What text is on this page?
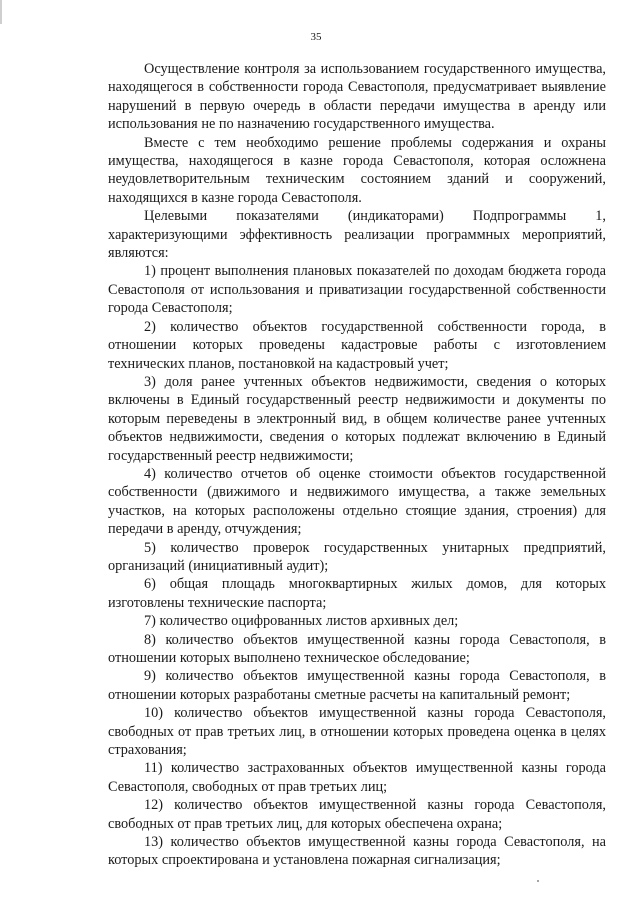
35

Осуществление контроля за использованием государственного имущества, находящегося в собственности города Севастополя, предусматривает выявление нарушений в первую очередь в области передачи имущества в аренду или использования не по назначению государственного имущества.

Вместе с тем необходимо решение проблемы содержания и охраны имущества, находящегося в казне города Севастополя, которая осложнена неудовлетворительным техническим состоянием зданий и сооружений, находящихся в казне города Севастополя.

Целевыми показателями (индикаторами) Подпрограммы 1, характеризующими эффективность реализации программных мероприятий, являются:

1) процент выполнения плановых показателей по доходам бюджета города Севастополя от использования и приватизации государственной собственности города Севастополя;

2) количество объектов государственной собственности города, в отношении которых проведены кадастровые работы с изготовлением технических планов, постановкой на кадастровый учет;

3) доля ранее учтенных объектов недвижимости, сведения о которых включены в Единый государственный реестр недвижимости и документы по которым переведены в электронный вид, в общем количестве ранее учтенных объектов недвижимости, сведения о которых подлежат включению в Единый государственный реестр недвижимости;

4) количество отчетов об оценке стоимости объектов государственной собственности (движимого и недвижимого имущества, а также земельных участков, на которых расположены отдельно стоящие здания, строения) для передачи в аренду, отчуждения;

5) количество проверок государственных унитарных предприятий, организаций (инициативный аудит);

6) общая площадь многоквартирных жилых домов, для которых изготовлены технические паспорта;

7) количество оцифрованных листов архивных дел;

8) количество объектов имущественной казны города Севастополя, в отношении которых выполнено техническое обследование;

9) количество объектов имущественной казны города Севастополя, в отношении которых разработаны сметные расчеты на капитальный ремонт;

10) количество объектов имущественной казны города Севастополя, свободных от прав третьих лиц, в отношении которых проведена оценка в целях страхования;

11) количество застрахованных объектов имущественной казны города Севастополя, свободных от прав третьих лиц;

12) количество объектов имущественной казны города Севастополя, свободных от прав третьих лиц, для которых обеспечена охрана;

13) количество объектов имущественной казны города Севастополя, на которых спроектирована и установлена пожарная сигнализация;
